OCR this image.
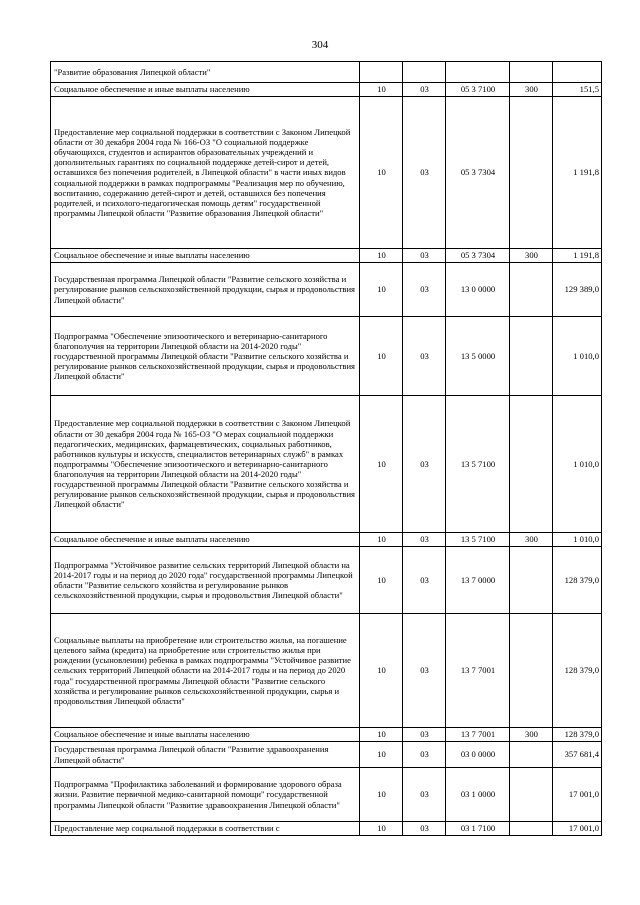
304
"Развитие образования Липецкой области"					
Социальное обеспечение и иные выплаты населению	10	03	05 3 7100	300	151,5
Предоставление мер социальной поддержки в соответствии с Законом Липецкой области от 30 декабря 2004 года № 166-ОЗ "О социальной поддержке обучающихся, студентов и аспирантов образовательных учреждений и дополнительных гарантиях по социальной поддержке детей-сирот и детей, оставшихся без попечения родителей, в Липецкой области" в части иных видов социальной поддержки в рамках подпрограммы "Реализация мер по обучению, воспитанию, содержанию детей-сирот и детей, оставшихся без попечения родителей, и психолого-педагогическая помощь детям" государственной программы Липецкой области "Развитие образования Липецкой области"	10	03	05 3 7304		1 191,8
Социальное обеспечение и иные выплаты населению	10	03	05 3 7304	300	1 191,8
Государственная программа Липецкой области "Развитие сельского хозяйства и регулирование рынков сельскохозяйственной продукции, сырья и продовольствия Липецкой области"	10	03	13 0 0000		129 389,0
Подпрограмма "Обеспечение эпизоотического и ветеринарно-санитарного благополучия на территории Липецкой области на 2014-2020 годы" государственной программы Липецкой области "Развитие сельского хозяйства и регулирование рынков сельскохозяйственной продукции, сырья и продовольствия Липецкой области"	10	03	13 5 0000		1 010,0
Предоставление мер социальной поддержки в соответствии с Законом Липецкой области от 30 декабря 2004 года № 165-ОЗ "О мерах социальной поддержки педагогических, медицинских, фармацевтических, социальных работников, работников культуры и искусств, специалистов ветеринарных служб" в рамках подпрограммы "Обеспечение эпизоотического и ветеринарно-санитарного благополучия на территории Липецкой области на 2014-2020 годы" государственной программы Липецкой области "Развитие сельского хозяйства и регулирование рынков сельскохозяйственной продукции, сырья и продовольствия Липецкой области"	10	03	13 5 7100		1 010,0
Социальное обеспечение и иные выплаты населению	10	03	13 5 7100	300	1 010,0
Подпрограмма "Устойчивое развитие сельских территорий Липецкой области на 2014-2017 годы и на период до 2020 года" государственной программы Липецкой области "Развитие сельского хозяйства и регулирование рынков сельскохозяйственной продукции, сырья и продовольствия Липецкой области"	10	03	13 7 0000		128 379,0
Социальные выплаты на приобретение или строительство жилья, на погашение целевого займа (кредита) на приобретение или строительство жилья при рождении (усыновлении) ребенка в рамках подпрограммы "Устойчивое развитие сельских территорий Липецкой области на 2014-2017 годы и на период до 2020 года" государственной программы Липецкой области "Развитие сельского хозяйства и регулирование рынков сельскохозяйственной продукции, сырья и продовольствия Липецкой области"	10	03	13 7 7001		128 379,0
Социальное обеспечение и иные выплаты населению	10	03	13 7 7001	300	128 379,0
Государственная программа Липецкой области "Развитие здравоохранения Липецкой области"	10	03	03 0 0000		357 681,4
Подпрограмма "Профилактика заболеваний и формирование здорового образа жизни. Развитие первичной медико-санитарной помощи" государственной программы Липецкой области "Развитие здравоохранения Липецкой области"	10	03	03 1 0000		17 001,0
Предоставление мер социальной поддержки в соответствии с	10	03	03 1 7100		17 001,0
